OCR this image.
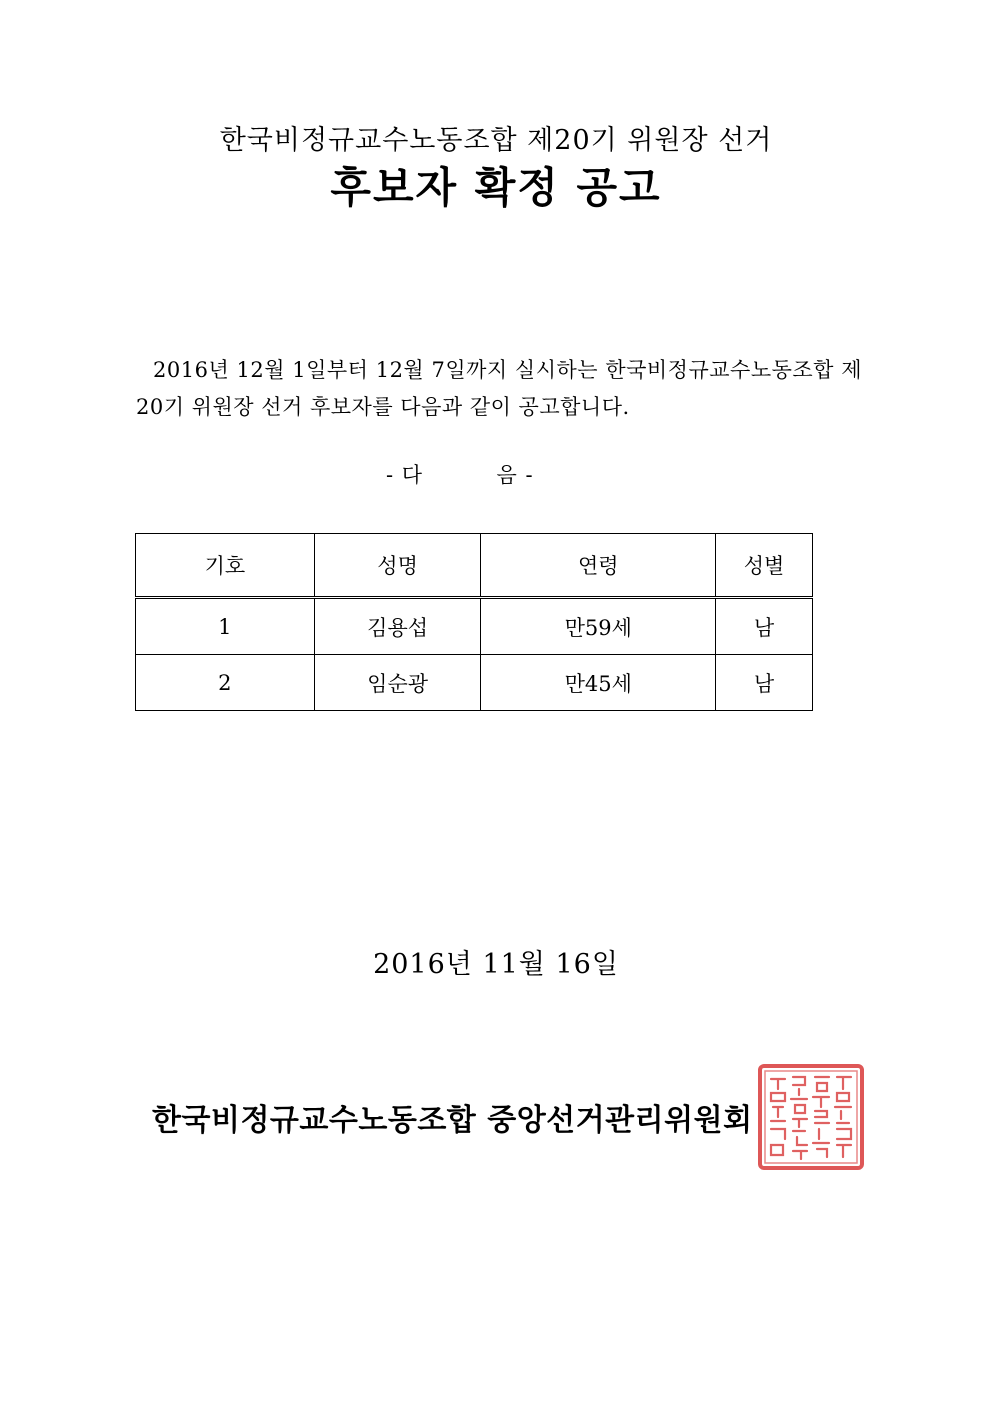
한국비정규교수노동조합 제20기 위원장 선거
후보자 확정 공고
2016년 12월 1일부터 12월 7일까지 실시하는 한국비정규교수노동조합 제20기 위원장 선거 후보자를 다음과 같이 공고합니다.
- 다	음 -
기호	성명	연령	성별
1	김용섭	만59세	남
2	임순광	만45세	남
2016년 11월 16일
한국비정규교수노동조합 중앙선거관리위원회
